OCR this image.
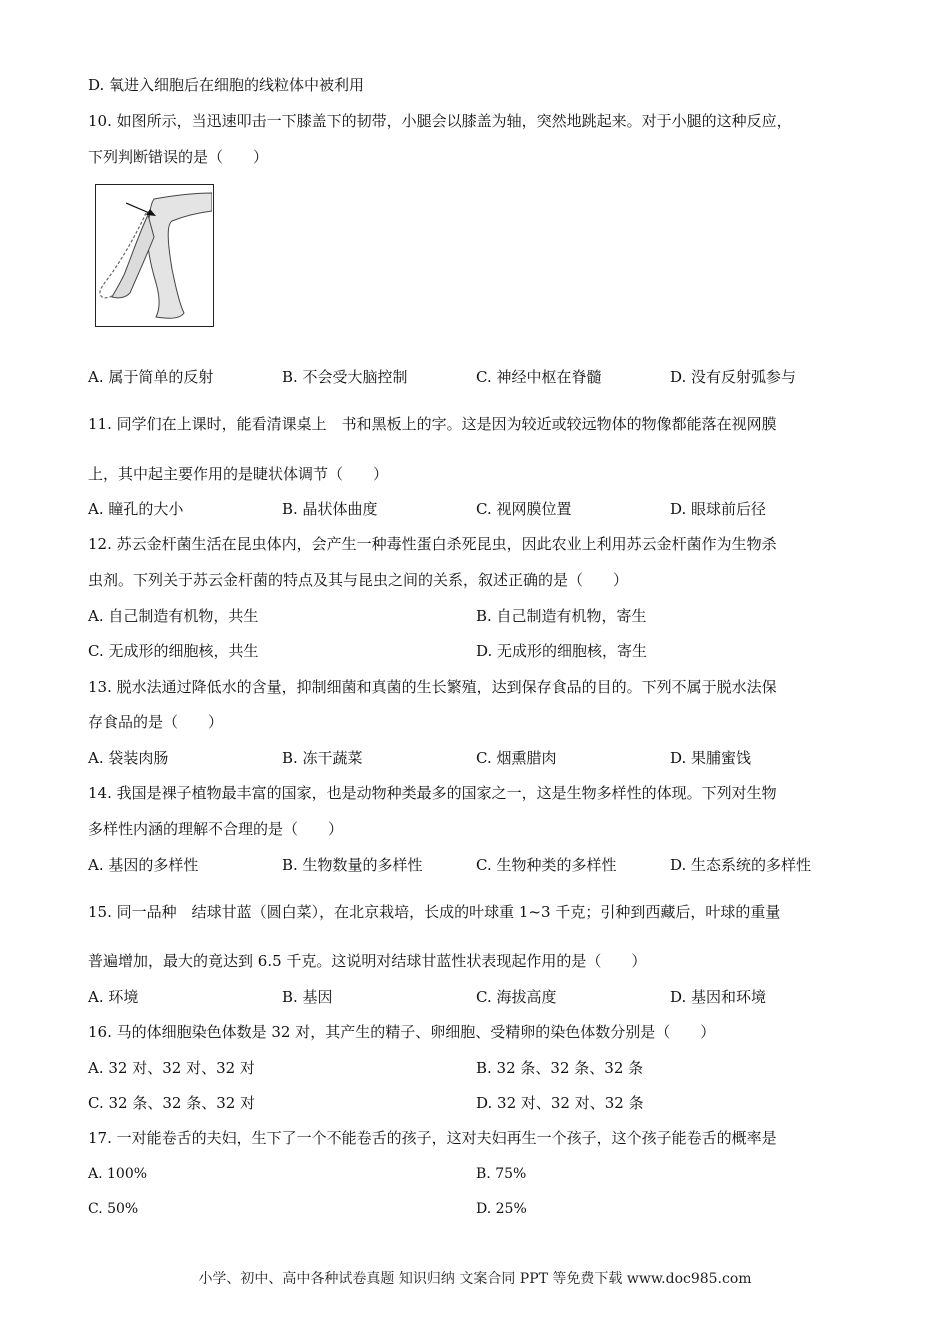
D. 氧进入细胞后在细胞的线粒体中被利用
10. 如图所示，当迅速叩击一下膝盖下的韧带，小腿会以膝盖为轴，突然地跳起来。对于小腿的这种反应，
下列判断错误的是（　　）
A. 属于简单的反射	B. 不会受大脑控制	C. 神经中枢在脊髓	D. 没有反射弧参与
11. 同学们在上课时，能看清课桌上　书和黑板上的字。这是因为较近或较远物体的物像都能落在视网膜
上，其中起主要作用的是睫状体调节（　　）
A. 瞳孔的大小	B. 晶状体曲度	C. 视网膜位置	D. 眼球前后径
12. 苏云金杆菌生活在昆虫体内，会产生一种毒性蛋白杀死昆虫，因此农业上利用苏云金杆菌作为生物杀
虫剂。下列关于苏云金杆菌的特点及其与昆虫之间的关系，叙述正确的是（　　）
A. 自己制造有机物，共生	B. 自己制造有机物，寄生
C. 无成形的细胞核，共生	D. 无成形的细胞核，寄生
13. 脱水法通过降低水的含量，抑制细菌和真菌的生长繁殖，达到保存食品的目的。下列不属于脱水法保
存食品的是（　　）
A. 袋装肉肠	B. 冻干蔬菜	C. 烟熏腊肉	D. 果脯蜜饯
14. 我国是裸子植物最丰富的国家，也是动物种类最多的国家之一，这是生物多样性的体现。下列对生物
多样性内涵的理解不合理的是（　　）
A. 基因的多样性	B. 生物数量的多样性	C. 生物种类的多样性	D. 生态系统的多样性
15. 同一品种　结球甘蓝（圆白菜），在北京栽培，长成的叶球重 1~3 千克；引种到西藏后，叶球的重量
普遍增加，最大的竟达到 6.5 千克。这说明对结球甘蓝性状表现起作用的是（　　）
A. 环境	B. 基因	C. 海拔高度	D. 基因和环境
16. 马的体细胞染色体数是 32 对，其产生的精子、卵细胞、受精卵的染色体数分别是（　　）
A. 32 对、32 对、32 对	B. 32 条、32 条、32 条
C. 32 条、32 条、32 对	D. 32 对、32 对、32 条
17. 一对能卷舌的夫妇，生下了一个不能卷舌的孩子，这对夫妇再生一个孩子，这个孩子能卷舌的概率是
A. 100%	B. 75%
C. 50%	D. 25%
小学、初中、高中各种试卷真题 知识归纳 文案合同 PPT 等免费下载 www.doc985.com
